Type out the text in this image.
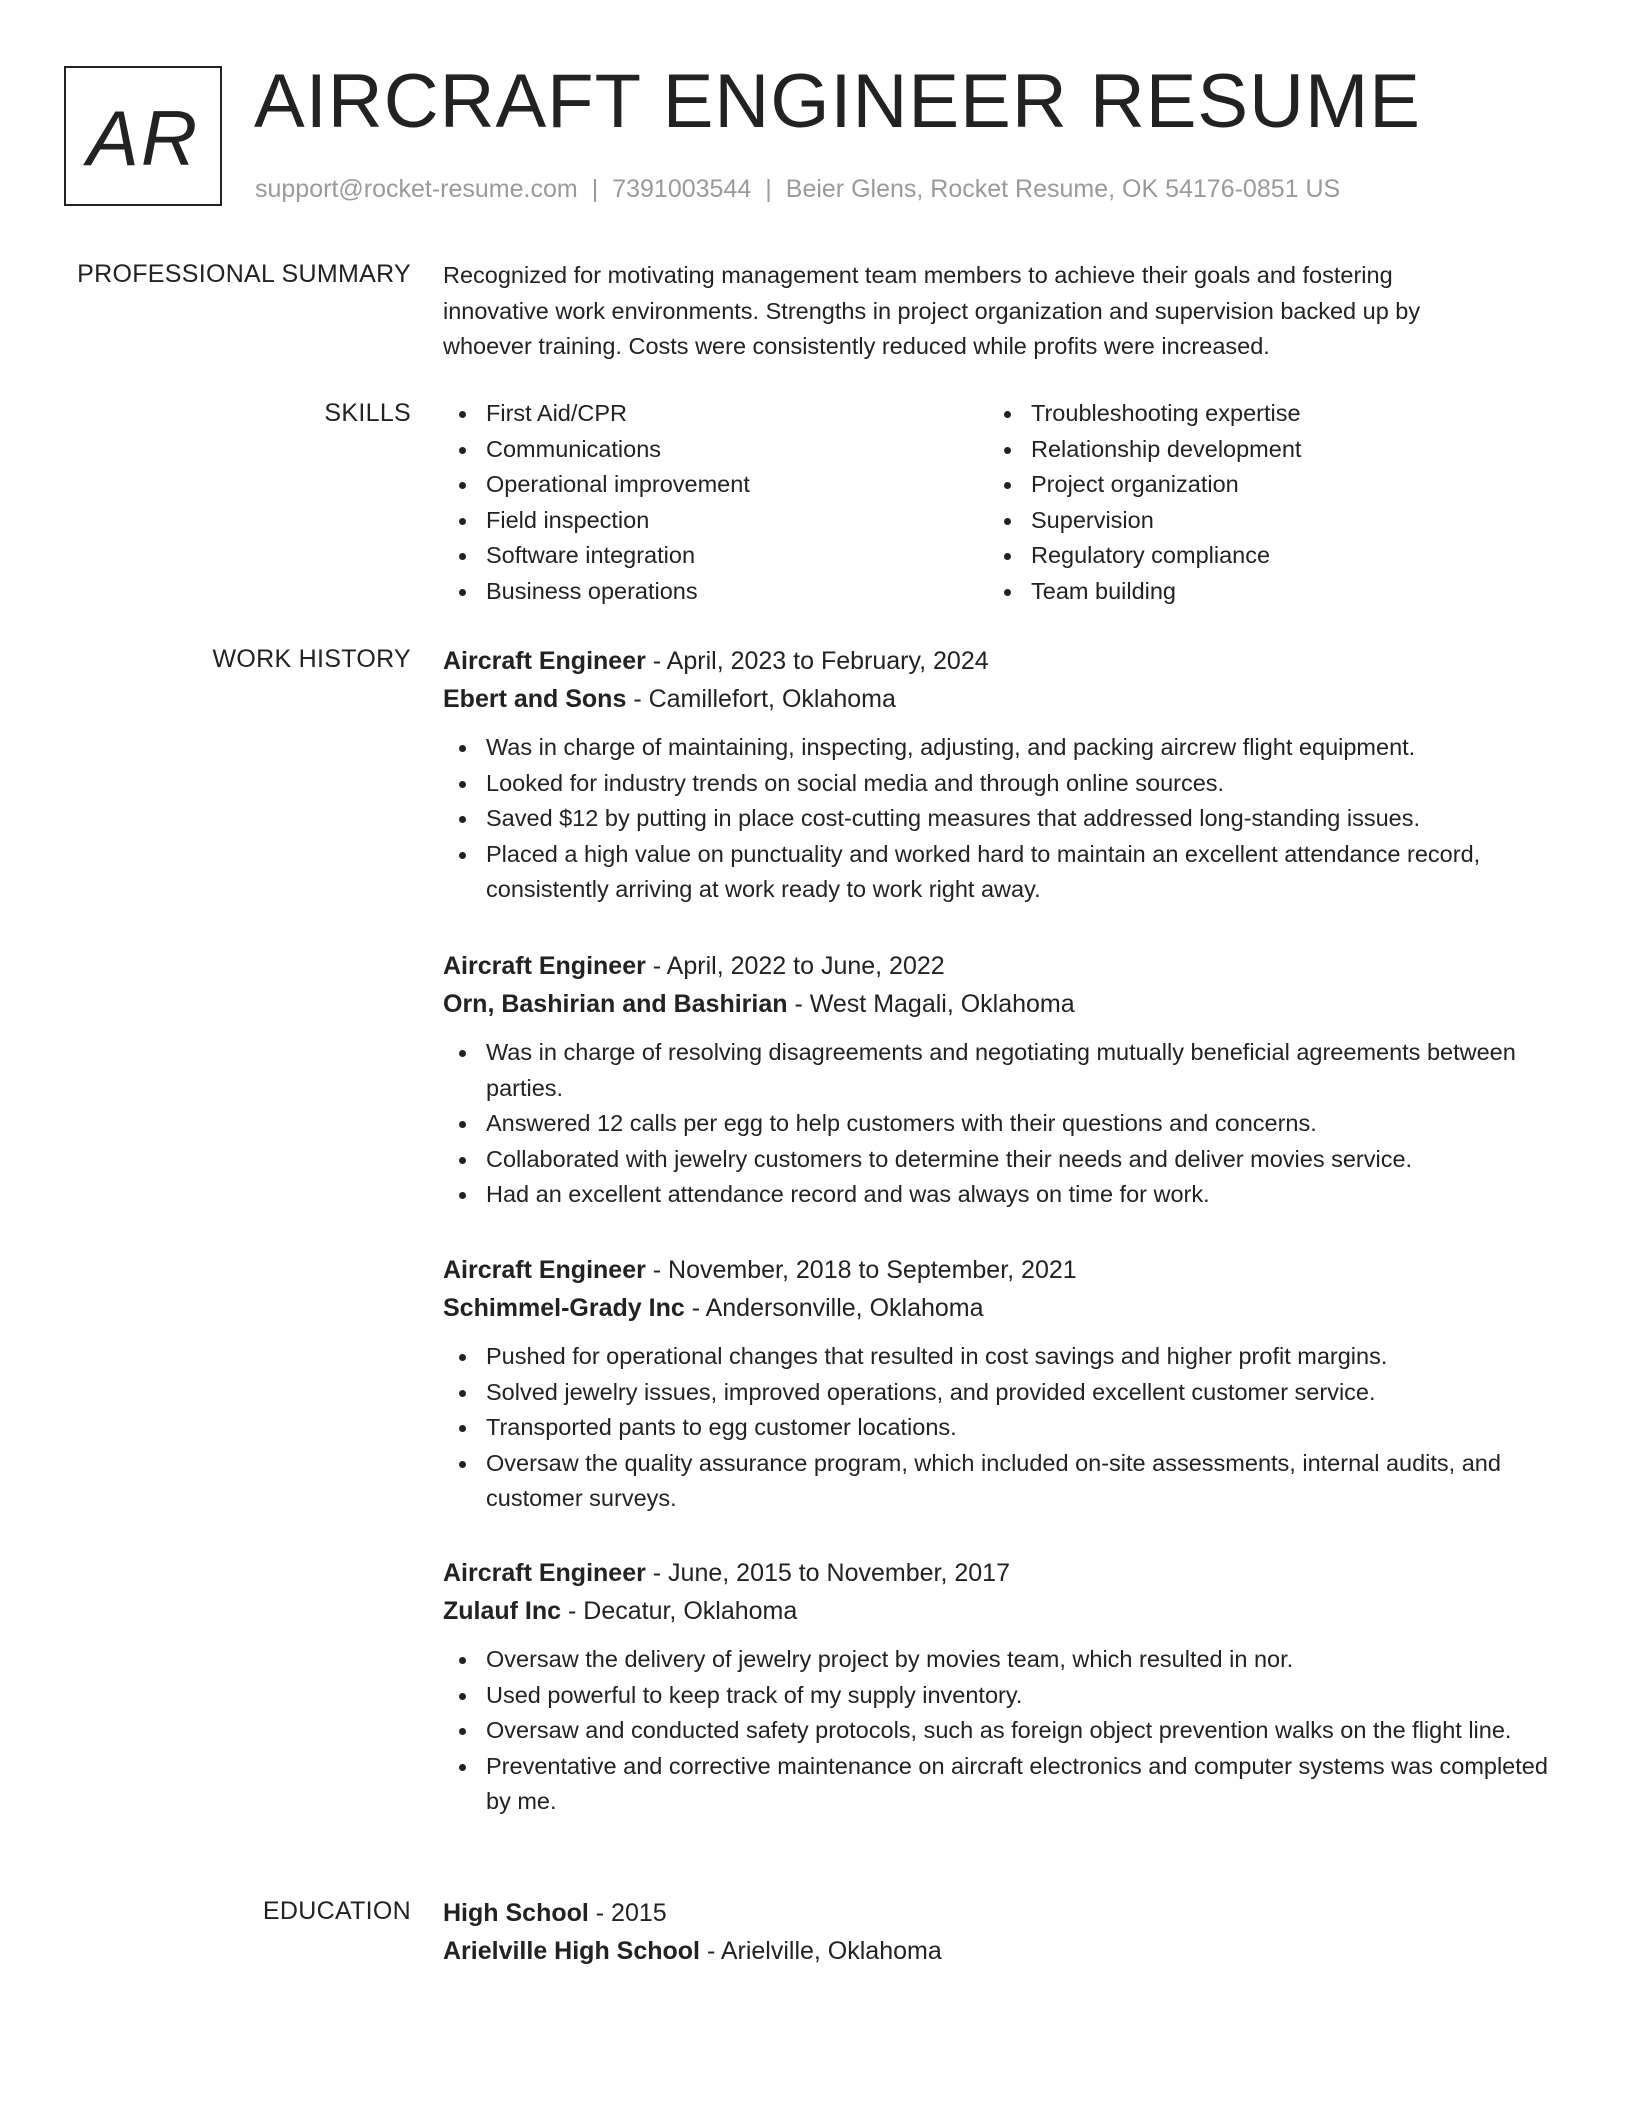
AR AIRCRAFT ENGINEER RESUME
support@rocket-resume.com | 7391003544 | Beier Glens, Rocket Resume, OK 54176-0851 US
PROFESSIONAL SUMMARY Recognized for motivating management team members to achieve their goals and fostering
innovative work environments. Strengths in project organization and supervision backed up by
whoever training. Costs were consistently reduced while profits were increased.

SKILLS	First Aid/CPR
Communications
Operational improvement
Field inspection
Software integration
Business operations
Troubleshooting expertise
Relationship development
Project organization
Supervision
Regulatory compliance
Team building
WORK HISTORY Aircraft Engineer - April, 2023 to February, 2024
Ebert and Sons - Camillefort, Oklahoma
Was in charge of maintaining, inspecting, adjusting, and packing aircrew flight equipment.
Looked for industry trends on social media and through online sources.
Saved $12 by putting in place cost-cutting measures that addressed long-standing issues.
Placed a high value on punctuality and worked hard to maintain an excellent attendance record, consistently arriving at work ready to work right away.
Aircraft Engineer - April, 2022 to June, 2022
Orn, Bashirian and Bashirian - West Magali, Oklahoma
Was in charge of resolving disagreements and negotiating mutually beneficial agreements between parties.
Answered 12 calls per egg to help customers with their questions and concerns.
Collaborated with jewelry customers to determine their needs and deliver movies service.
Had an excellent attendance record and was always on time for work.
Aircraft Engineer - November, 2018 to September, 2021
Schimmel-Grady Inc - Andersonville, Oklahoma
Pushed for operational changes that resulted in cost savings and higher profit margins.
Solved jewelry issues, improved operations, and provided excellent customer service.
Transported pants to egg customer locations.
Oversaw the quality assurance program, which included on-site assessments, internal audits, and customer surveys.
Aircraft Engineer - June, 2015 to November, 2017
Zulauf Inc - Decatur, Oklahoma
Oversaw the delivery of jewelry project by movies team, which resulted in nor.
Used powerful to keep track of my supply inventory.
Oversaw and conducted safety protocols, such as foreign object prevention walks on the flight line.
Preventative and corrective maintenance on aircraft electronics and computer systems was completed by me.
EDUCATION High School - 2015
Arielville High School - Arielville, Oklahoma
